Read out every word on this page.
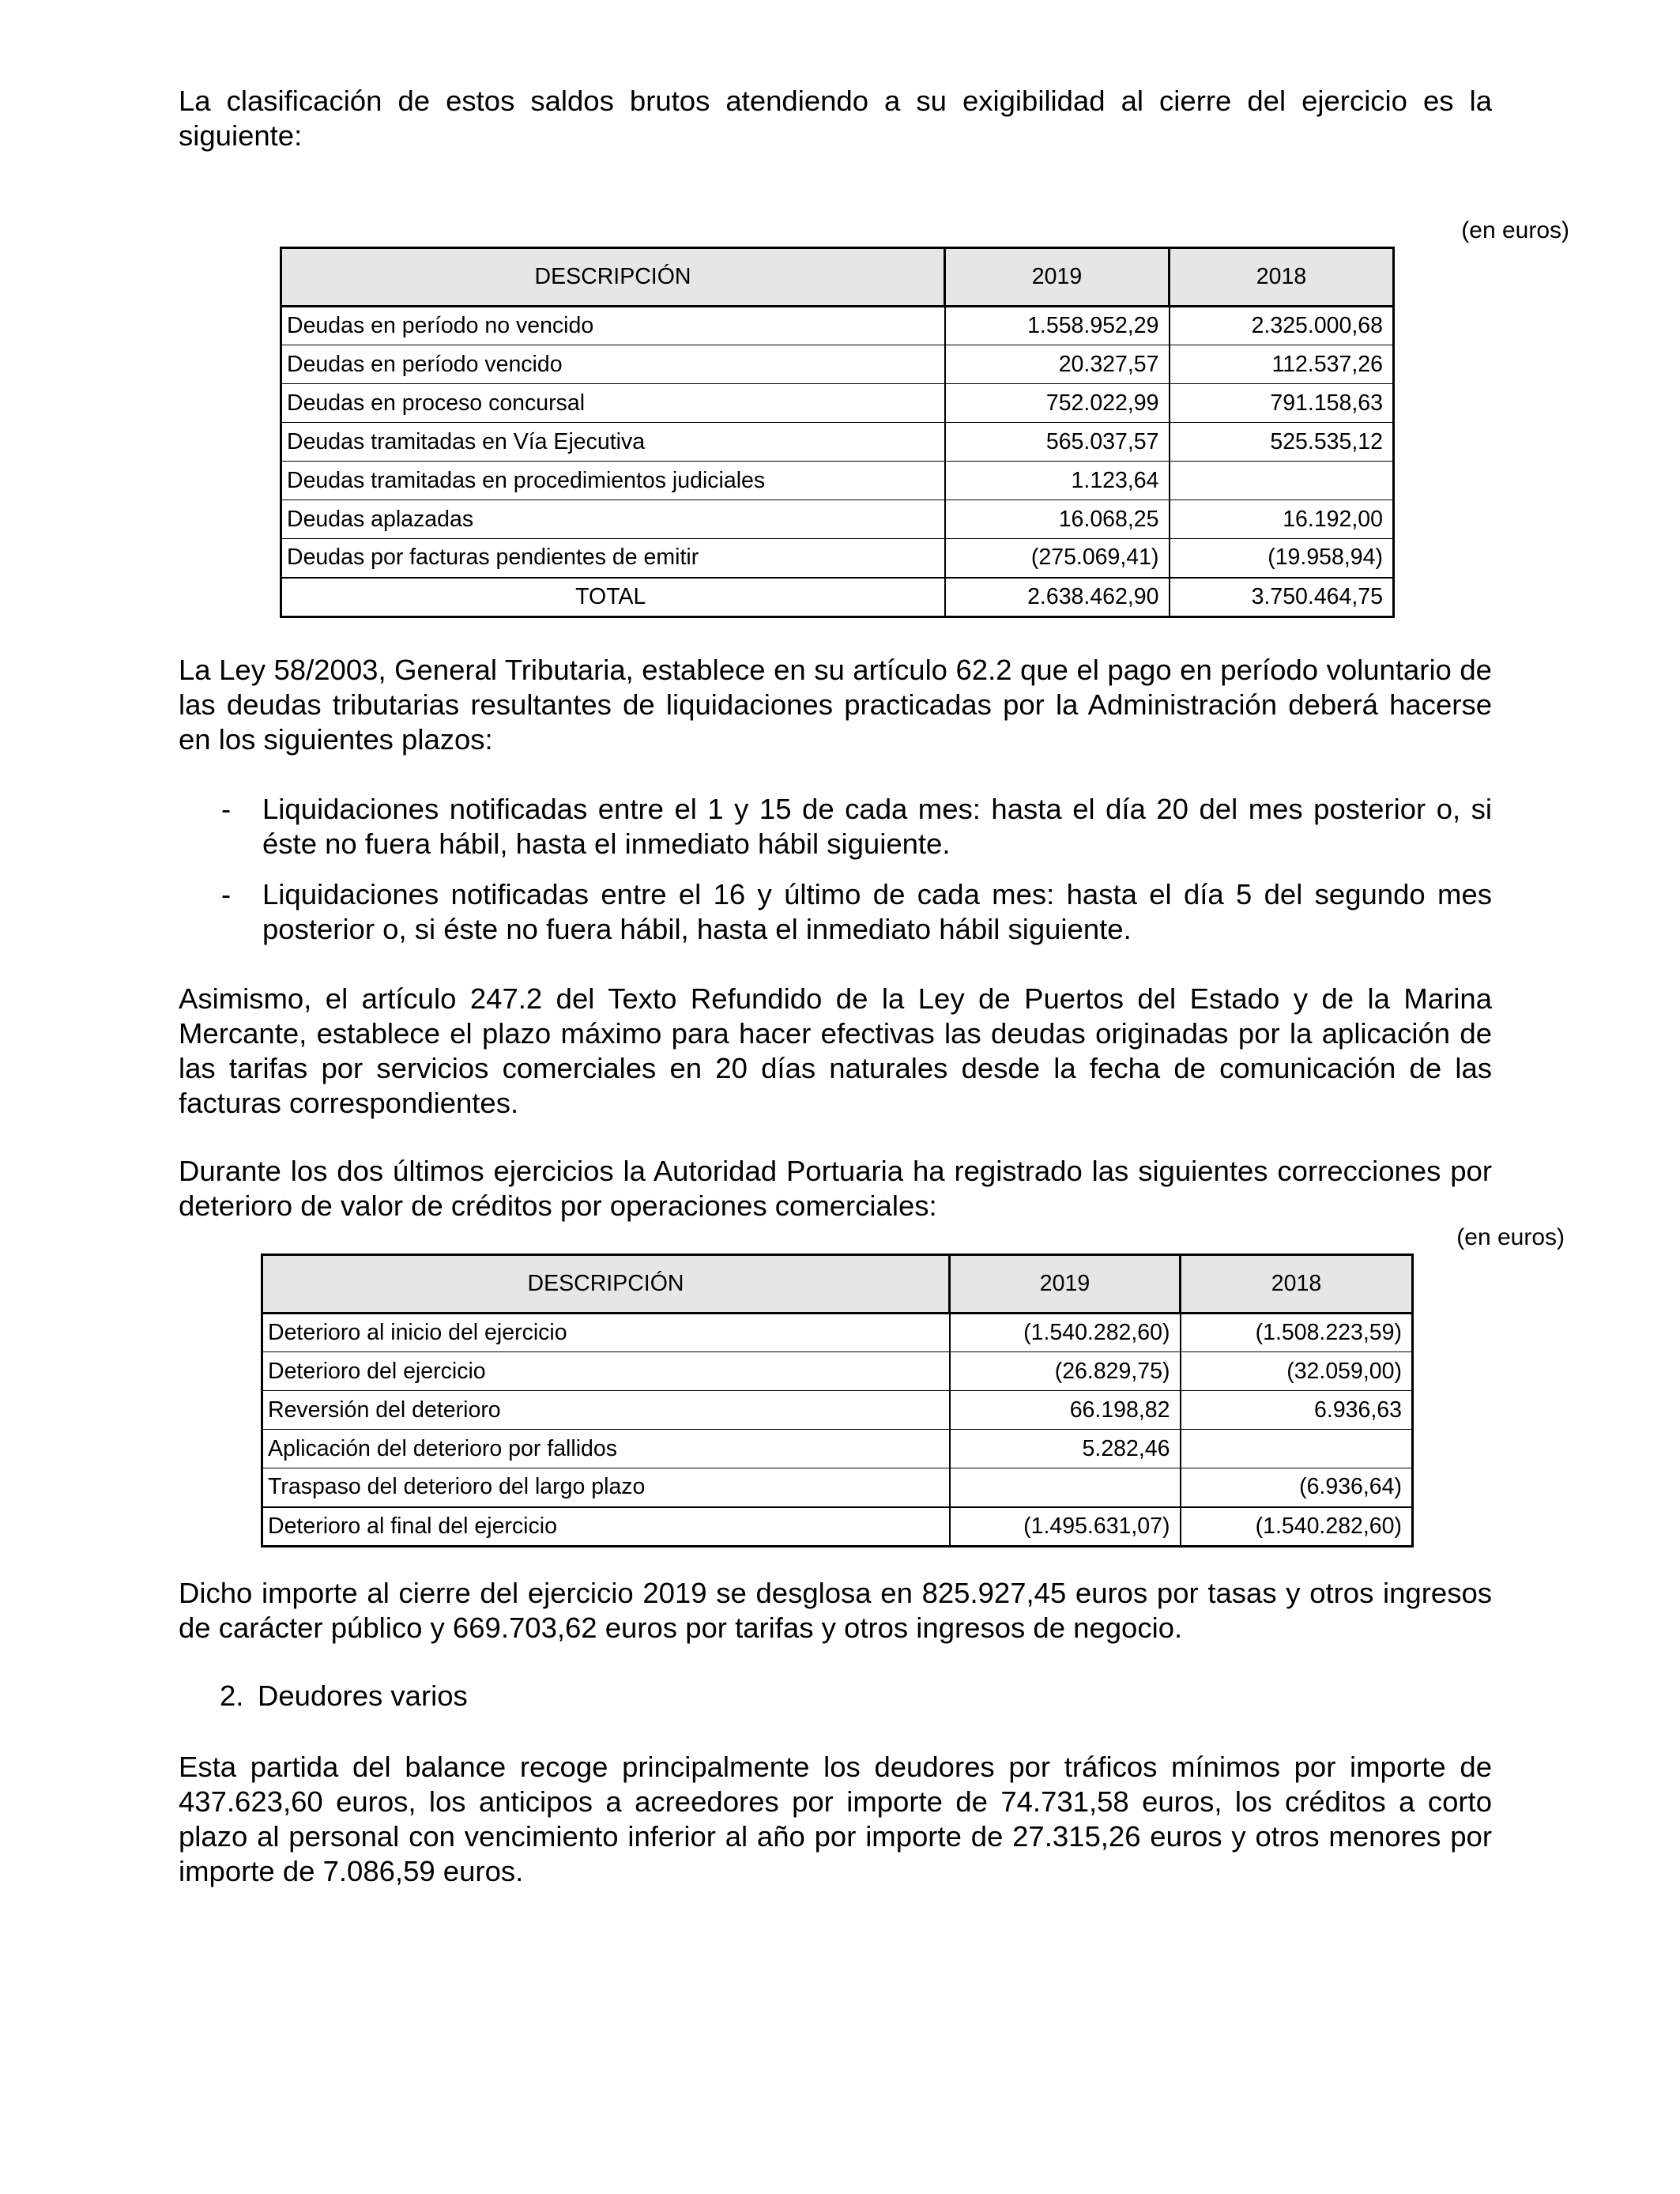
La clasificación de estos saldos brutos atendiendo a su exigibilidad al cierre del ejercicio es la siguiente:

(en euros)
DESCRIPCIÓN	2019	2018
Deudas en período no vencido	1.558.952,29	2.325.000,68
Deudas en período vencido	20.327,57	112.537,26
Deudas en proceso concursal	752.022,99	791.158,63
Deudas tramitadas en Vía Ejecutiva	565.037,57	525.535,12
Deudas tramitadas en procedimientos judiciales	1.123,64	
Deudas aplazadas	16.068,25	16.192,00
Deudas por facturas pendientes de emitir	(275.069,41)	(19.958,94)
TOTAL	2.638.462,90	3.750.464,75

La Ley 58/2003, General Tributaria, establece en su artículo 62.2 que el pago en período voluntario de las deudas tributarias resultantes de liquidaciones practicadas por la Administración deberá hacerse en los siguientes plazos:

- Liquidaciones notificadas entre el 1 y 15 de cada mes: hasta el día 20 del mes posterior o, si éste no fuera hábil, hasta el inmediato hábil siguiente.
- Liquidaciones notificadas entre el 16 y último de cada mes: hasta el día 5 del segundo mes posterior o, si éste no fuera hábil, hasta el inmediato hábil siguiente.

Asimismo, el artículo 247.2 del Texto Refundido de la Ley de Puertos del Estado y de la Marina Mercante, establece el plazo máximo para hacer efectivas las deudas originadas por la aplicación de las tarifas por servicios comerciales en 20 días naturales desde la fecha de comunicación de las facturas correspondientes.

Durante los dos últimos ejercicios la Autoridad Portuaria ha registrado las siguientes correcciones por deterioro de valor de créditos por operaciones comerciales:

(en euros)
DESCRIPCIÓN	2019	2018
Deterioro al inicio del ejercicio	(1.540.282,60)	(1.508.223,59)
Deterioro del ejercicio	(26.829,75)	(32.059,00)
Reversión del deterioro	66.198,82	6.936,63
Aplicación del deterioro por fallidos	5.282,46	
Traspaso del deterioro del largo plazo		(6.936,64)
Deterioro al final del ejercicio	(1.495.631,07)	(1.540.282,60)

Dicho importe al cierre del ejercicio 2019 se desglosa en 825.927,45 euros por tasas y otros ingresos de carácter público y 669.703,62 euros por tarifas y otros ingresos de negocio.

2. Deudores varios

Esta partida del balance recoge principalmente los deudores por tráficos mínimos por importe de 437.623,60 euros, los anticipos a acreedores por importe de 74.731,58 euros, los créditos a corto plazo al personal con vencimiento inferior al año por importe de 27.315,26 euros y otros menores por importe de 7.086,59 euros.
